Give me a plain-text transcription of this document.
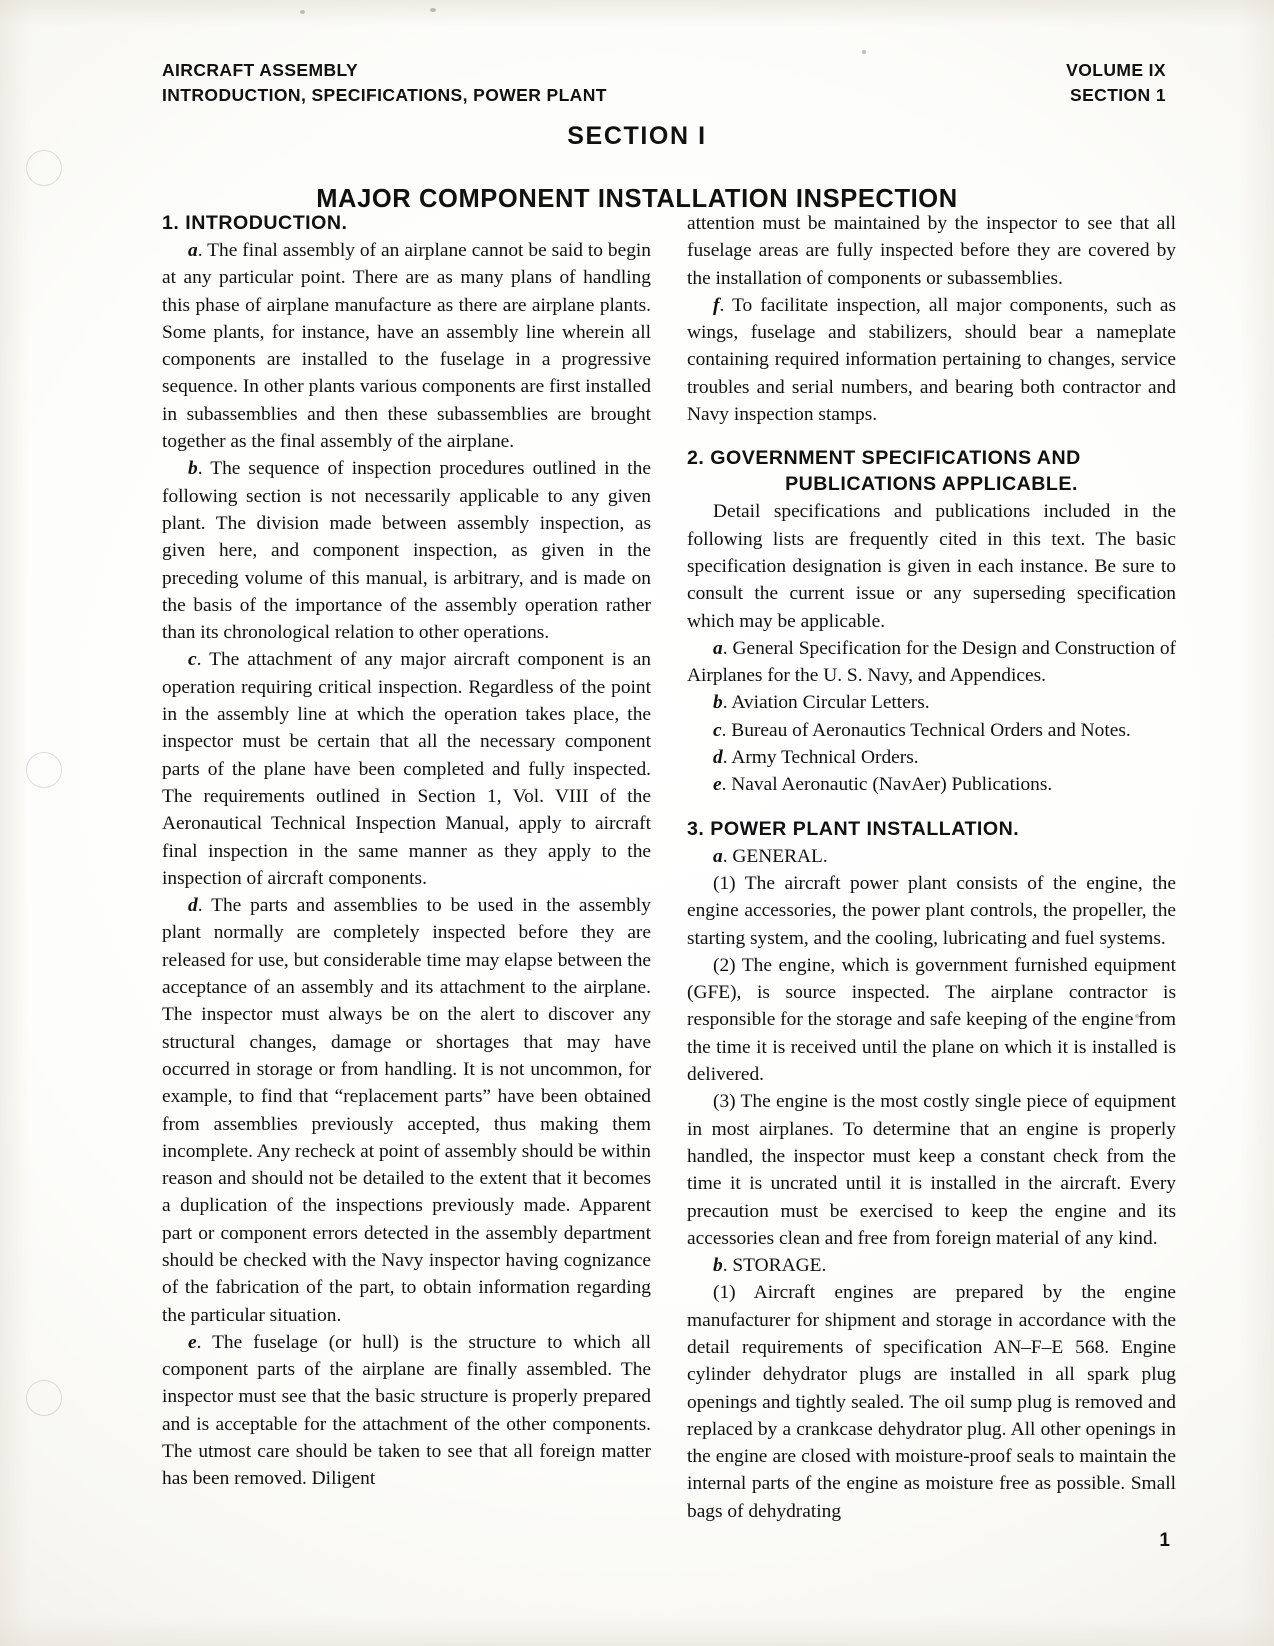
AIRCRAFT ASSEMBLY
INTRODUCTION, SPECIFICATIONS, POWER PLANT
VOLUME IX
SECTION 1
SECTION I
MAJOR COMPONENT INSTALLATION INSPECTION
1. INTRODUCTION.

a. The final assembly of an airplane cannot be said to begin at any particular point. There are as many plans of handling this phase of airplane manufacture as there are airplane plants. Some plants, for instance, have an assembly line wherein all components are installed to the fuselage in a progressive sequence. In other plants various components are first installed in subassemblies and then these subassemblies are brought together as the final assembly of the airplane.

b. The sequence of inspection procedures outlined in the following section is not necessarily applicable to any given plant. The division made between assembly inspection, as given here, and component inspection, as given in the preceding volume of this manual, is arbitrary, and is made on the basis of the importance of the assembly operation rather than its chronological relation to other operations.

c. The attachment of any major aircraft component is an operation requiring critical inspection. Regardless of the point in the assembly line at which the operation takes place, the inspector must be certain that all the necessary component parts of the plane have been completed and fully inspected. The requirements outlined in Section 1, Vol. VIII of the Aeronautical Technical Inspection Manual, apply to aircraft final inspection in the same manner as they apply to the inspection of aircraft components.

d. The parts and assemblies to be used in the assembly plant normally are completely inspected before they are released for use, but considerable time may elapse between the acceptance of an assembly and its attachment to the airplane. The inspector must always be on the alert to discover any structural changes, damage or shortages that may have occurred in storage or from handling. It is not uncommon, for example, to find that “replacement parts” have been obtained from assemblies previously accepted, thus making them incomplete. Any recheck at point of assembly should be within reason and should not be detailed to the extent that it becomes a duplication of the inspections previously made. Apparent part or component errors detected in the assembly department should be checked with the Navy inspector having cognizance of the fabrication of the part, to obtain information regarding the particular situation.

e. The fuselage (or hull) is the structure to which all component parts of the airplane are finally assembled. The inspector must see that the basic structure is properly prepared and is acceptable for the attachment of the other components. The utmost care should be taken to see that all foreign matter has been removed. Diligent

attention must be maintained by the inspector to see that all fuselage areas are fully inspected before they are covered by the installation of components or subassemblies.

f. To facilitate inspection, all major components, such as wings, fuselage and stabilizers, should bear a nameplate containing required information pertaining to changes, service troubles and serial numbers, and bearing both contractor and Navy inspection stamps.

2. GOVERNMENT SPECIFICATIONS AND
PUBLICATIONS APPLICABLE.

Detail specifications and publications included in the following lists are frequently cited in this text. The basic specification designation is given in each instance. Be sure to consult the current issue or any superseding specification which may be applicable.

a. General Specification for the Design and Construction of Airplanes for the U. S. Navy, and Appendices.

b. Aviation Circular Letters.

c. Bureau of Aeronautics Technical Orders and Notes.

d. Army Technical Orders.

e. Naval Aeronautic (NavAer) Publications.

3. POWER PLANT INSTALLATION.

a. GENERAL.

(1) The aircraft power plant consists of the engine, the engine accessories, the power plant controls, the propeller, the starting system, and the cooling, lubricating and fuel systems.

(2) The engine, which is government furnished equipment (GFE), is source inspected. The airplane contractor is responsible for the storage and safe keeping of the engine from the time it is received until the plane on which it is installed is delivered.

(3) The engine is the most costly single piece of equipment in most airplanes. To determine that an engine is properly handled, the inspector must keep a constant check from the time it is uncrated until it is installed in the aircraft. Every precaution must be exercised to keep the engine and its accessories clean and free from foreign material of any kind.

b. STORAGE.

(1) Aircraft engines are prepared by the engine manufacturer for shipment and storage in accordance with the detail requirements of specification AN–F–E 568. Engine cylinder dehydrator plugs are installed in all spark plug openings and tightly sealed. The oil sump plug is removed and replaced by a crankcase dehydrator plug. All other openings in the engine are closed with moisture-proof seals to maintain the internal parts of the engine as moisture free as possible. Small bags of dehydrating

1
